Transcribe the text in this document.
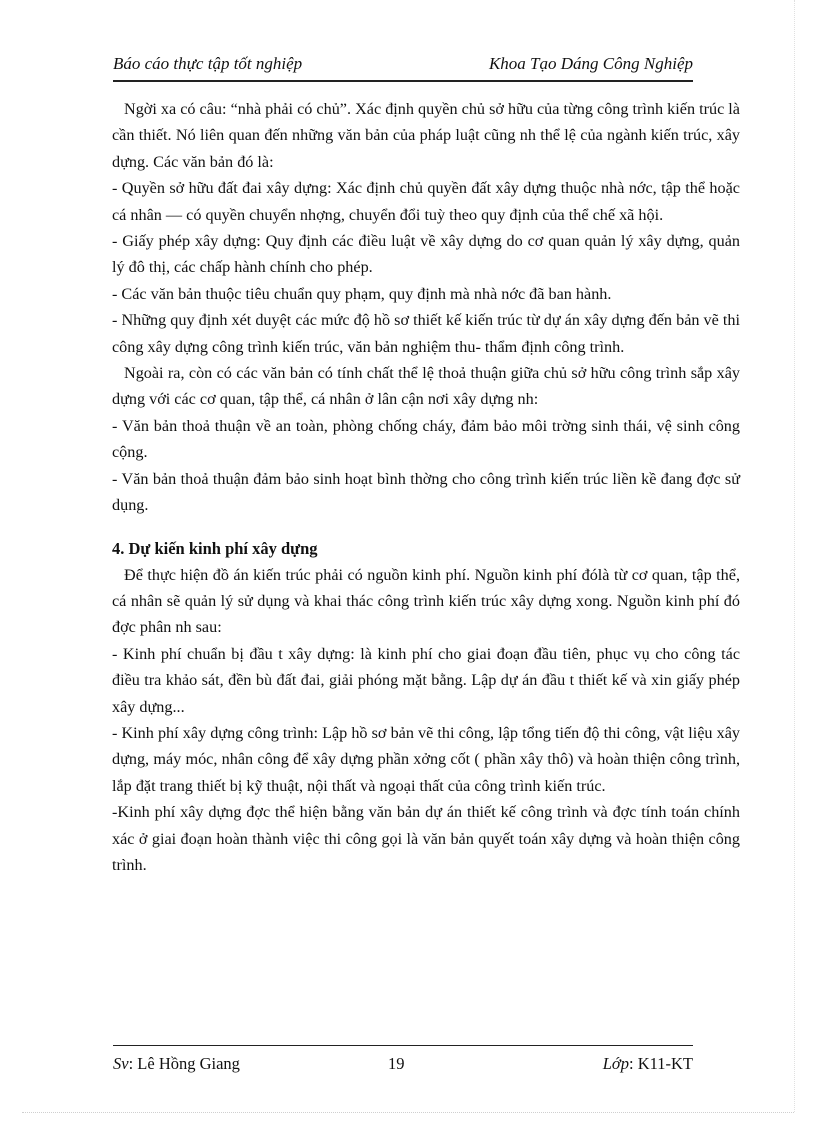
Báo cáo thực tập tốt nghiệp	Khoa Tạo Dáng Công Nghiệp

Ngời xa có câu: “nhà phải có chủ”. Xác định quyền chủ sở hữu của từng công trình kiến trúc là cần thiết. Nó liên quan đến những văn bản của pháp luật cũng nh thể lệ của ngành kiến trúc, xây dựng. Các văn bản đó là:

- Quyền sở hữu đất đai xây dựng: Xác định chủ quyền đất xây dựng thuộc nhà nớc, tập thể hoặc cá nhân — có quyền chuyển nhợng, chuyển đổi tuỳ theo quy định của thể chế xã hội.

- Giấy phép xây dựng: Quy định các điều luật về xây dựng do cơ quan quản lý xây dựng, quản lý đô thị, các chấp hành chính cho phép.

- Các văn bản thuộc tiêu chuẩn quy phạm, quy định mà nhà nớc đã ban hành.

- Những quy định xét duyệt các mức độ hồ sơ thiết kế kiến trúc từ dự án xây dựng đến bản vẽ thi công xây dựng công trình kiến trúc, văn bản nghiệm thu- thẩm định công trình.

Ngoài ra, còn có các văn bản có tính chất thể lệ thoả thuận giữa chủ sở hữu công trình sắp xây dựng với các cơ quan, tập thể, cá nhân ở lân cận nơi xây dựng nh:

- Văn bản thoả thuận về an toàn, phòng chống cháy, đảm bảo môi trờng sinh thái, vệ sinh công cộng.

- Văn bản thoả thuận đảm bảo sinh hoạt bình thờng cho công trình kiến trúc liền kề đang đợc sử dụng.

4. Dự kiến kinh phí xây dựng

Để thực hiện đồ án kiến trúc phải có nguồn kinh phí. Nguồn kinh phí đólà từ cơ quan, tập thể, cá nhân sẽ quản lý sử dụng và khai thác công trình kiến trúc xây dựng xong. Nguồn kinh phí đó đợc phân nh sau:

- Kinh phí chuẩn bị đầu t xây dựng: là kinh phí cho giai đoạn đầu tiên, phục vụ cho công tác điều tra khảo sát, đền bù đất đai, giải phóng mặt bằng. Lập dự án đầu t thiết kế và xin giấy phép xây dựng...

- Kinh phí xây dựng công trình: Lập hồ sơ bản vẽ thi công, lập tổng tiến độ thi công, vật liệu xây dựng, máy móc, nhân công để xây dựng phần xởng cốt ( phần xây thô) và hoàn thiện công trình, lắp đặt trang thiết bị kỹ thuật, nội thất và ngoại thất của công trình kiến trúc.

-Kinh phí xây dựng đợc thể hiện bằng văn bản dự án thiết kế công trình và đợc tính toán chính xác ở giai đoạn hoàn thành việc thi công gọi là văn bản quyết toán xây dựng và hoàn thiện công trình.

Sv: Lê Hồng Giang	19	Lớp: K11-KT
